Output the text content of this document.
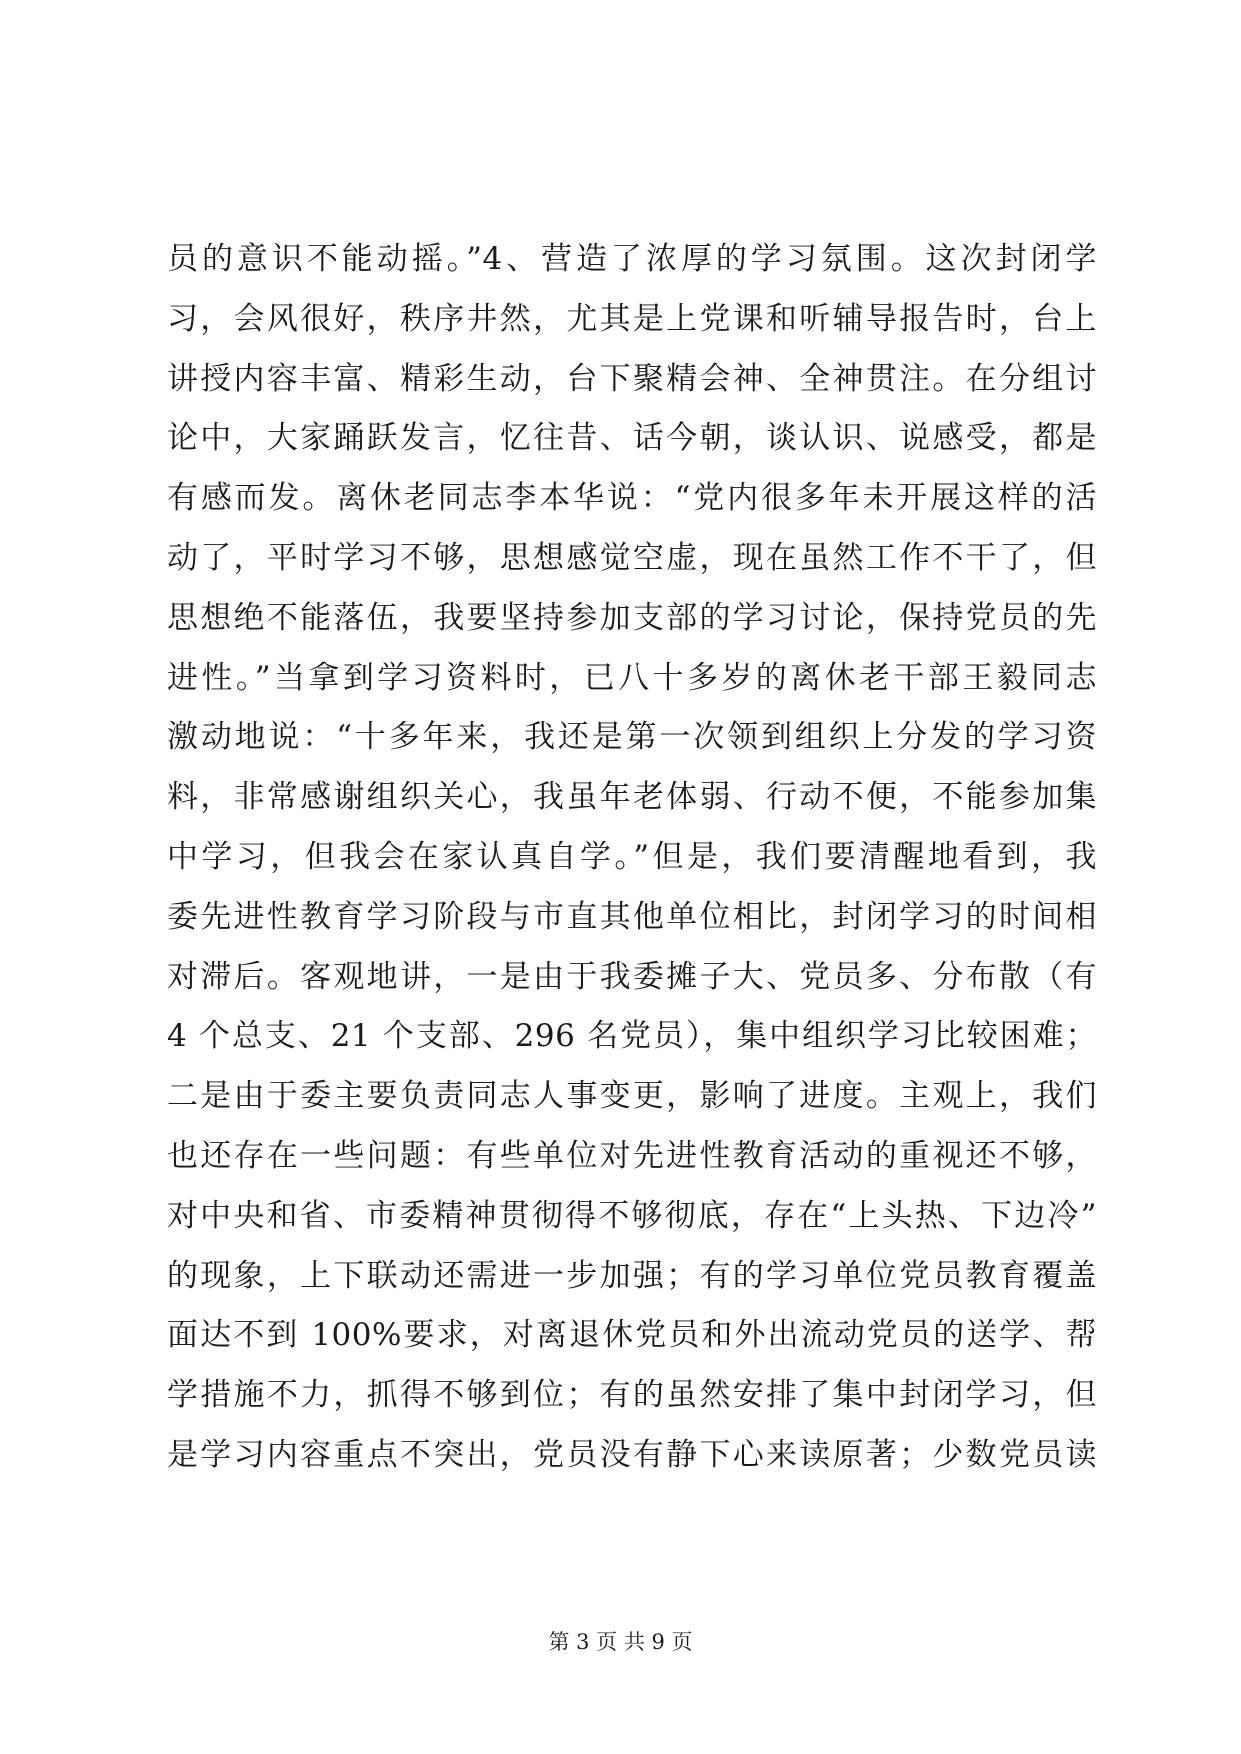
员的意识不能动摇。”4、营造了浓厚的学习氛围。这次封闭学
习，会风很好，秩序井然，尤其是上党课和听辅导报告时，台上
讲授内容丰富、精彩生动，台下聚精会神、全神贯注。在分组讨
论中，大家踊跃发言，忆往昔、话今朝，谈认识、说感受，都是
有感而发。离休老同志李本华说：“党内很多年未开展这样的活
动了，平时学习不够，思想感觉空虚，现在虽然工作不干了，但
思想绝不能落伍，我要坚持参加支部的学习讨论，保持党员的先
进性。”当拿到学习资料时，已八十多岁的离休老干部王毅同志
激动地说：“十多年来，我还是第一次领到组织上分发的学习资
料，非常感谢组织关心，我虽年老体弱、行动不便，不能参加集
中学习，但我会在家认真自学。”但是，我们要清醒地看到，我
委先进性教育学习阶段与市直其他单位相比，封闭学习的时间相
对滞后。客观地讲，一是由于我委摊子大、党员多、分布散（有
4 个总支、21 个支部、296 名党员），集中组织学习比较困难；
二是由于委主要负责同志人事变更，影响了进度。主观上，我们
也还存在一些问题：有些单位对先进性教育活动的重视还不够，
对中央和省、市委精神贯彻得不够彻底，存在“上头热、下边冷”
的现象，上下联动还需进一步加强；有的学习单位党员教育覆盖
面达不到 100%要求，对离退休党员和外出流动党员的送学、帮
学措施不力，抓得不够到位；有的虽然安排了集中封闭学习，但
是学习内容重点不突出，党员没有静下心来读原著；少数党员读
第 3 页 共 9 页
